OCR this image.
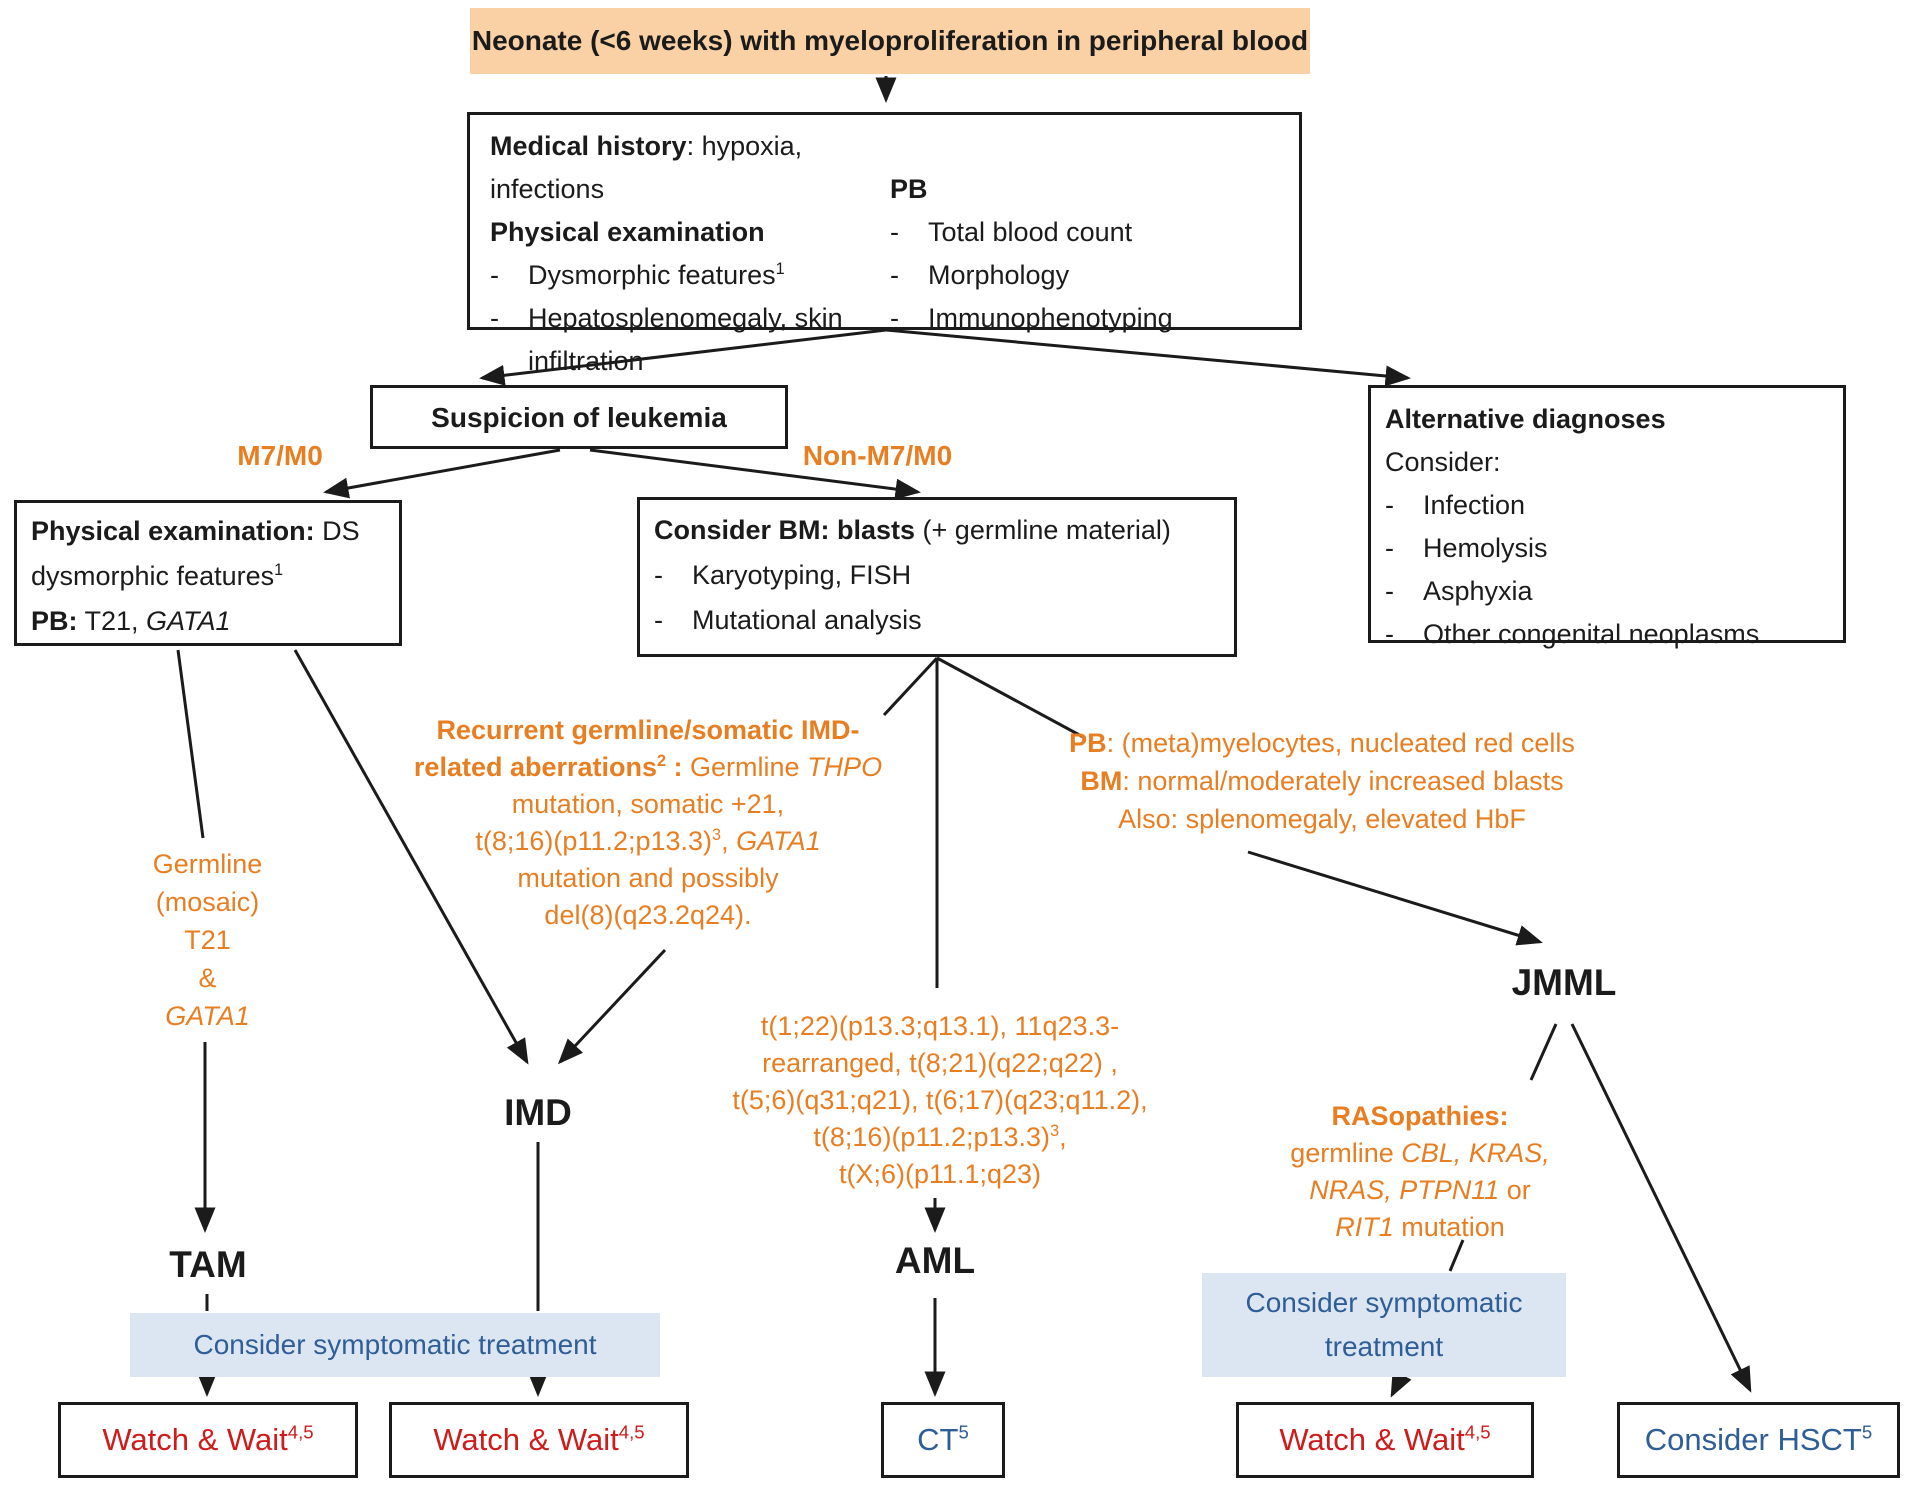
Neonate (<6 weeks) with myeloproliferation in peripheral blood
Medical history: hypoxia, infections
Physical examination
-	Dysmorphic features$^1$
-	Hepatosplenomegaly, skin
infiltration
PB
-	Total blood count
-	Morphology
-	Immunophenotyping
Suspicion of leukemia	Alternative diagnoses
Consider:
-	Infection
-	Hemolysis
-	Asphyxia
-	Other congenital neoplasms
M7/M0	Non-M7/M0
Physical examination: DS
dysmorphic features$^1$
PB: T21, GATA1
Consider BM: blasts (+ germline material)
-	Karyotyping, FISH
-	Mutational analysis
Recurrent germline/somatic IMD-
related aberrations$^2$ : Germline THPO
mutation, somatic +21,
t(8;16)(p11.2;p13.3)$^3$, GATA1
mutation and possibly
del(8)(q23.2q24).
PB: (meta)myelocytes, nucleated red cells
BM: normal/moderately increased blasts
Also: splenomegaly, elevated HbF
Germline
(mosaic)
T21
&
GATA1	t(1;22)(p13.3;q13.1), 11q23.3-
rearranged, t(8;21)(q22;q22) ,
t(5;6)(q31;q21), t(6;17)(q23;q11.2),
t(8;16)(p11.2;p13.3)$^3$,
t(X;6)(p11.1;q23)
RASopathies:
germline CBL, KRAS,
NRAS, PTPN11 or
RIT1 mutation
TAM
IMD
AML
JMML
Consider symptomatic treatment
Consider symptomatic
treatment
Watch & Wait$^{4,5}$	Watch & Wait$^{4,5}$	$CT^5$	Watch & Wait$^{4,5}$	Consider HSCT$^5$
